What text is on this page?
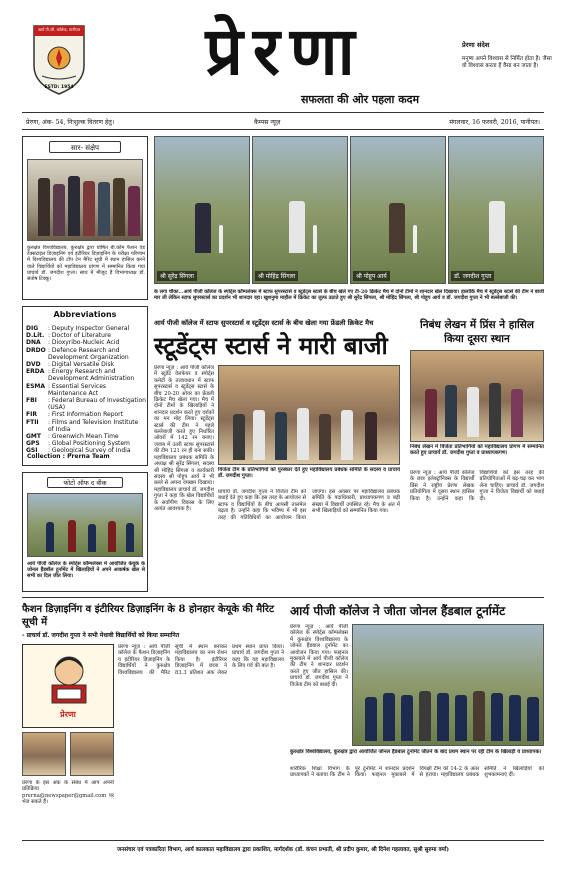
आर्य पी.जी. कॉलेज, पानीपत
ESTD: 1954	प्रेरणा
सफलता की ओर पहला कदम
प्रेरणा संदेश
मनुष्य अपने विश्वास से निर्मित होता है। जैसा वो विश्वास करता है वैसा बन जाता है।
प्रेरणा, अंक- 54, निःशुल्क वितरण हेतु।	कैम्पस न्यूज़	मंगलवार, 16 फरवरी, 2016, पानीपत।
सार- संक्षेप
कुरुक्षेत्र विश्वविद्यालय, कुरुक्षेत्र द्वारा घोषित बी.कॉम फैशन एंड टेक्सटाइल डिज़ाइनिंग एवं इंटीरियर डिज़ाइनिंग के परीक्षा परिणाम में विश्वविद्यालय की टॉप टेन मैरिट सूची में स्थान हासिल करने वाले विद्यार्थियों को महाविद्यालय प्रांगण में सम्मानित किया गया प्राचार्य डॉ. जगदीश गुप्ता। साथ में मौजूद हैं विभागाध्यक्ष डॉ. संतोष टिक्कू।
Abbreviations
DIG	: Deputy Inspector General
D.Lit. : Doctor of Literature
DNA	: Dioxyribo-Nucleic Acid
DRDO : Defence Research and Development Organization
DVD	: Digital Versatile Disk
ERDA : Energy Research and Development Administration
ESMA : Essential Services Maintenance Act
FBI	: Federal Bureau of Investigation (USA)
FIR	: First Information Report
FTII	: Films and Television Institute of India
GMT	: Greenwich Mean Time
GPS	: Global Positioning System
GSI	: Geological Survey of India
Collection : Prerna Team
फोटो ऑफ द वीक
आर्य पीजी कॉलेज के स्पोर्ट्स कॉम्पलेक्स में आयोजित केयूके के जोनल हैंडबॉल टूर्नामेंट में खिलाड़ियों ने अपने आकर्षक खेल से सभी का दिल जीत लिया।
श्री सुरेंद्र सिंगला	श्री मोहिंद्र सिंगला	श्री पोहूप आर्य	डॉ. जगदीश गुप्ता
के लगा चौका...आर्य पीजी कॉलेज के स्पोर्ट्स कॉम्पलेक्स में स्टाफ सुपरस्टार्स व स्टूडेंट्स स्टार्स के बीच खेले गए टी-20 क्रिकेट मैच में दोनों टीमों ने शानदार खेल दिखाया। हालांकि मैच में स्टूडेंट्स स्टार्स की टीम ने बाजी मार ली लेकिन स्टाफ सुपरस्टार्स का प्रदर्शन भी शानदार रहा। खुशनुमा माहौल में क्रिकेट का लुत्फ उठाते हुए श्री सुरेंद्र सिंगला, श्री मोहिंद्र सिंगला, श्री पोहूप आर्य व डॉ. जगदीश गुप्ता ने भी बल्लेबाजी की।
आर्य पीजी कॉलेज में स्टाफ सुपरस्टार्स व स्टूडेंट्स स्टार्स के बीच खेला गया फ्रेंडली क्रिकेट मैच
स्टूडेंट्स स्टार्स ने मारी बाजी
प्रेरणा न्यूज़ : आर्य पीजी कॉलेज में स्टूडेंट वेलफेयर व स्पोर्ट्स कमेटी के तत्वावधान में स्टाफ सुपरस्टार्स व स्टूडेंट्स स्टार्स के बीच 20-20 ओवर का फ्रेंडली क्रिकेट मैच खेला गया। मैच में दोनों टीमों के खिलाड़ियों ने शानदार प्रदर्शन करते हुए दर्शकों का मन मोह लिया। स्टूडेंट्स स्टार्स की टीम ने पहले बल्लेबाजी करते हुए निर्धारित ओवरों में 142 रन बनाए। जवाब में उतरी स्टाफ सुपरस्टार्स की टीम 121 रन ही बना सकी। महाविद्यालय प्रबंधक समिति के अध्यक्ष श्री सुरेंद्र सिंगला, सदस्य श्री मोहिंद्र सिंगला व कार्यकारी सदस्य श्री पोहूप आर्य ने भी बल्ले से अपना दमखम दिखाया। महाविद्यालय प्राचार्य डॉ. जगदीश गुप्ता ने कहा कि खेल विद्यार्थियों के सर्वांगीण विकास के लिए अत्यंत आवश्यक है।
विजेता टीम के प्रतिभागियों को पुरस्कार देते हुए महाविद्यालय प्रबंधक समिति के सदस्य व प्राचार्य डॉ. जगदीश गुप्ता।
प्राचार्य डॉ. जगदीश गुप्ता ने विजेता टीम को बधाई देते हुए कहा कि इस तरह के आयोजन से स्टाफ व विद्यार्थियों के बीच आपसी तालमेल बढ़ता है। उन्होंने कहा कि भविष्य में भी इस तरह की गतिविधियों का आयोजन किया जाएगा। इस अवसर पर महाविद्यालय प्रबंधक समिति के पदाधिकारी, प्राध्यापकगण व बड़ी संख्या में विद्यार्थी उपस्थित रहे। मैच के अंत में सभी खिलाड़ियों को सम्मानित किया गया।
निबंध लेखन में प्रिंस ने हासिल किया दूसरा स्थान
निबंध लेखन में विजेता प्रतिभागियों को महाविद्यालय प्रांगण में सम्मानित करते हुए प्राचार्य डॉ. जगदीश गुप्ता व प्राध्यापकगण।
प्रेरणा न्यूज़ : आर्य पीजी कॉलेज के छात्र इलेक्ट्रॉनिक्स के विद्यार्थी प्रिंस ने राष्ट्रीय प्रेरणा लेखक प्रतियोगिता में दूसरा स्थान हासिल किया है। उन्होंने कहा कि विद्यार्थियों को इस तरह की प्रतियोगिताओं में बढ़-चढ़ कर भाग लेना चाहिए। प्राचार्य डॉ. जगदीश गुप्ता ने विजेता विद्यार्थी को बधाई दी।
फैशन डिज़ाइनिंग व इंटीरियर डिज़ाइनिंग के 8 होनहार केयूके की मैरिट सूची में
- प्राचार्य डॉ. जगदीश गुप्ता ने सभी मेधावी विद्यार्थियों को किया सम्मानित
प्रेरणा
प्रेरणा के इस अंक के संबंध में आप अपनी प्रतिक्रिया prerna@newspaper@gmail.com पर भेज सकते हैं।
प्रेरणा न्यूज़ : आर्य पीजी कॉलेज के फैशन डिज़ाइनिंग व इंटीरियर डिज़ाइनिंग के विद्यार्थियों ने कुरुक्षेत्र विश्वविद्यालय की मैरिट सूची में स्थान बनाकर महाविद्यालय का नाम रोशन किया है। इंटीरियर डिज़ाइनिंग में छात्रा ने 83.3 प्रतिशत अंक लेकर प्रथम स्थान प्राप्त किया। प्राचार्य डॉ. जगदीश गुप्ता ने कहा कि यह महाविद्यालय के लिए गर्व की बात है।
आर्य पीजी कॉलेज ने जीता जोनल हैंडबाल टूर्नामेंट
प्रेरणा न्यूज़ : आर्य पीजी कॉलेज के स्पोर्ट्स कॉम्पलेक्स में कुरुक्षेत्र विश्वविद्यालय के जोनल हैंडबाल टूर्नामेंट का आयोजन किया गया। फाइनल मुकाबले में आर्य पीजी कॉलेज की टीम ने शानदार प्रदर्शन करते हुए जीत हासिल की। प्राचार्य डॉ. जगदीश गुप्ता ने विजेता टीम को बधाई दी।
कुरुक्षेत्र विश्वविद्यालय, कुरुक्षेत्र द्वारा आयोजित जोनल हैंडबाल टूर्नामेंट जीतने के बाद प्रथम स्थान पर रही टीम के खिलाड़ी व प्राध्यापक।
शारीरिक शिक्षा विभाग के प्राध्यापकों ने बताया कि टीम ने पूरे टूर्नामेंट में शानदार प्रदर्शन किया। फाइनल मुकाबले में विपक्षी टीम को 14-2 के अंतर से हराया। महाविद्यालय प्रबंधक समिति ने खिलाड़ियों को शुभकामनाएं दीं।
जनसंचार एवं पत्रकारिता विभाग, आर्य कालकात महाविद्यालय द्वारा प्रकाशित, मार्गदर्शक (डॉ. कंचन प्रभाती, श्री प्रदीप कुमार, श्री दिनेश गहलावत, सुश्री सुरुमा वर्मा)
